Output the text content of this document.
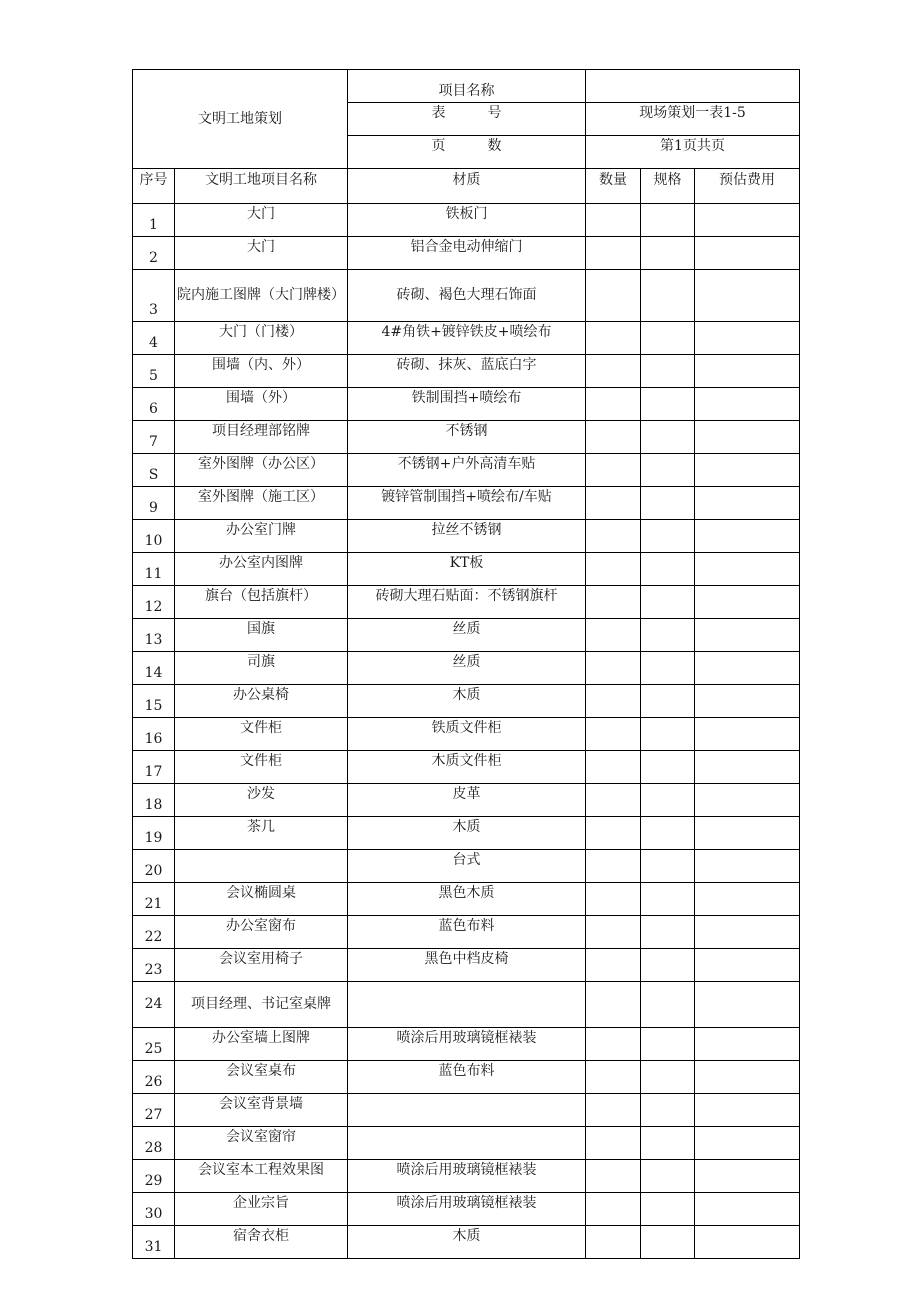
文明工地策划		项目名称			
		表　　　号	现场策划一表1-5		
		页　　　数	第1页共页		
序号	文明工地项目名称	材质	数量	规格	预估费用
1	大门	铁板门			
2	大门	铝合金电动伸缩门			
3	院内施工图牌（大门牌楼）	砖砌、褐色大理石饰面			
4	大门（门楼）	4#角铁+镀锌铁皮+喷绘布			
5	围墙（内、外）	砖砌、抹灰、蓝底白字			
6	围墙（外）	铁制围挡+喷绘布			
7	项目经理部铭牌	不锈钢			
S	室外图牌（办公区）	不锈钢+户外高清车贴			
9	室外图牌（施工区）	镀锌管制围挡+喷绘布/车贴			
10	办公室门牌	拉丝不锈钢			
11	办公室内图牌	KT板			
12	旗台（包括旗杆）	砖砌大理石贴面：不锈钢旗杆			
13	国旗	丝质			
14	司旗	丝质			
15	办公桌椅	木质			
16	文件柜	铁质文件柜			
17	文件柜	木质文件柜			
18	沙发	皮革			
19	茶几	木质			
20		台式			
21	会议椭圆桌	黑色木质			
22	办公室窗布	蓝色布料			
23	会议室用椅子	黑色中档皮椅			
24	项目经理、书记室桌牌				
25	办公室墙上图牌	喷涂后用玻璃镜框裱装			
26	会议室桌布	蓝色布料			
27	会议室背景墙				
28	会议室窗帘				
29	会议室本工程效果图	喷涂后用玻璃镜框裱装			
30	企业宗旨	喷涂后用玻璃镜框裱装			
31	宿舍衣柜	木质			
